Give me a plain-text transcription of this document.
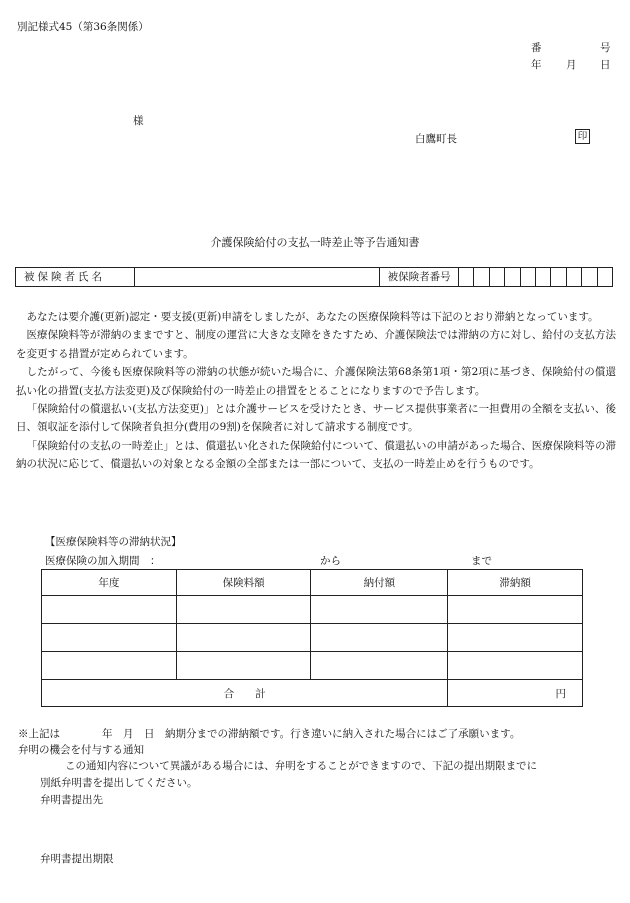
別記様式45（第36条関係）
番	号
年 月 日
様
白鷹町長	印
介護保険給付の支払一時差止等予告通知書
被保険者氏名	被保険者番号

あなたは要介護(更新)認定・要支援(更新)申請をしましたが、あなたの医療保険料等は下記のとおり滞納となっています。

医療保険料等が滞納のままですと、制度の運営に大きな支障をきたすため、介護保険法では滞納の方に対し、給付の支払方法を変更する措置が定められています。

したがって、今後も医療保険料等の滞納の状態が続いた場合に、介護保険法第68条第1項・第2項に基づき、保険給付の償還払い化の措置(支払方法変更)及び保険給付の一時差止の措置をとることになりますので予告します。

「保険給付の償還払い(支払方法変更)」とは介護サービスを受けたとき、サービス提供事業者に一担費用の全額を支払い、後日、領収証を添付して保険者負担分(費用の9割)を保険者に対して請求する制度です。

「保険給付の支払の一時差止」とは、償還払い化された保険給付について、償還払いの申請があった場合、医療保険料等の滞納の状況に応じて、償還払いの対象となる金額の全部または一部について、支払の一時差止めを行うものです。

【医療保険料等の滞納状況】
医療保険の加入期間　：	から	まで
年度	保険料額	納付額	滞納額

合　　計			円
※上記は　　　　年　月　日　納期分までの滞納額です。行き違いに納入された場合にはご了承願います。
弁明の機会を付与する通知
この通知内容について異議がある場合には、弁明をすることができますので、下記の提出期限までに
別紙弁明書を提出してください。
弁明書提出先
弁明書提出期限
